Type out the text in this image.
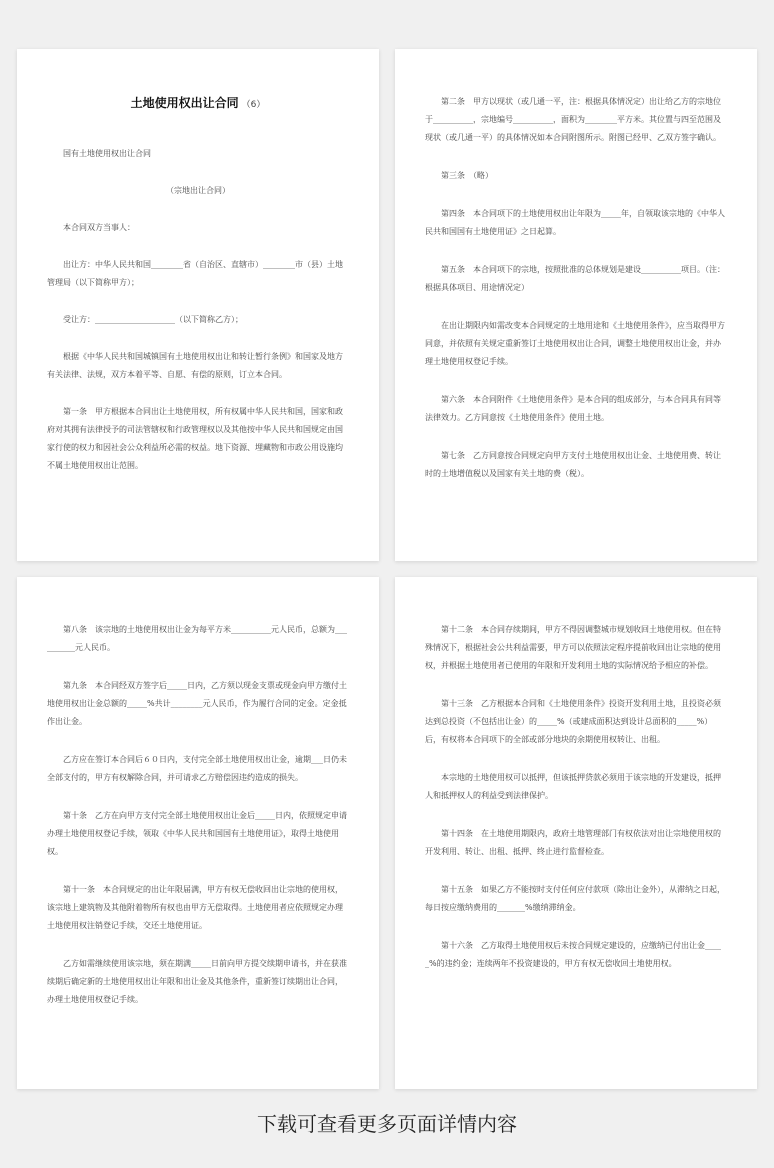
土地使用权出让合同 （6）

国有土地使用权出让合同

（宗地出让合同）

本合同双方当事人：

出让方：中华人民共和国________省（自治区、直辖市）________市（县）土地管理局（以下简称甲方）；

受让方：____________________（以下简称乙方）；

根据《中华人民共和国城镇国有土地使用权出让和转让暂行条例》和国家及地方有关法律、法规，双方本着平等、自愿、有偿的原则，订立本合同。

第一条　甲方根据本合同出让土地使用权，所有权属中华人民共和国，国家和政府对其拥有法律授予的司法管辖权和行政管理权以及其他按中华人民共和国规定由国家行使的权力和因社会公众利益所必需的权益。地下资源、埋藏物和市政公用设施均不属土地使用权出让范围。

第二条　甲方以现状（或几通一平，注：根据具体情况定）出让给乙方的宗地位于__________，宗地编号__________，面积为________平方米。其位置与四至范围及现状（或几通一平）的具体情况如本合同附图所示。附图已经甲、乙双方签字确认。

第三条　（略）

第四条　本合同项下的土地使用权出让年限为_____年，自领取该宗地的《中华人民共和国国有土地使用证》之日起算。

第五条　本合同项下的宗地，按照批准的总体规划是建设__________项目。（注：根据具体项目、用途情况定）

在出让期限内如需改变本合同规定的土地用途和《土地使用条件》，应当取得甲方同意，并依照有关规定重新签订土地使用权出让合同，调整土地使用权出让金，并办理土地使用权登记手续。

第六条　本合同附件《土地使用条件》是本合同的组成部分，与本合同具有同等法律效力。乙方同意按《土地使用条件》使用土地。

第七条　乙方同意按合同规定向甲方支付土地使用权出让金、土地使用费、转让时的土地增值税以及国家有关土地的费（税）。

第八条　该宗地的土地使用权出让金为每平方米__________元人民币，总额为__________元人民币。

第九条　本合同经双方签字后_____日内，乙方须以现金支票或现金向甲方缴付土地使用权出让金总额的_____%共计________元人民币，作为履行合同的定金。定金抵作出让金。

乙方应在签订本合同后６０日内，支付完全部土地使用权出让金，逾期___日仍未全部支付的，甲方有权解除合同，并可请求乙方赔偿因违约造成的损失。

第十条　乙方在向甲方支付完全部土地使用权出让金后_____日内，依照规定申请办理土地使用权登记手续，领取《中华人民共和国国有土地使用证》，取得土地使用权。

第十一条　本合同规定的出让年限届满，甲方有权无偿收回出让宗地的使用权，该宗地上建筑物及其他附着物所有权也由甲方无偿取得。土地使用者应依照规定办理土地使用权注销登记手续，交还土地使用证。

乙方如需继续使用该宗地，须在期满_____日前向甲方提交续期申请书，并在获准续期后确定新的土地使用权出让年限和出让金及其他条件，重新签订续期出让合同，办理土地使用权登记手续。

第十二条　本合同存续期间，甲方不得因调整城市规划收回土地使用权。但在特殊情况下，根据社会公共利益需要，甲方可以依照法定程序提前收回出让宗地的使用权，并根据土地使用者已使用的年限和开发利用土地的实际情况给予相应的补偿。

第十三条　乙方根据本合同和《土地使用条件》投资开发利用土地，且投资必须达到总投资（不包括出让金）的_____%（或建成面积达到设计总面积的_____%）后，有权将本合同项下的全部或部分地块的余期使用权转让、出租。

本宗地的土地使用权可以抵押，但该抵押贷款必须用于该宗地的开发建设，抵押人和抵押权人的利益受到法律保护。

第十四条　在土地使用期限内，政府土地管理部门有权依法对出让宗地使用权的开发利用、转让、出租、抵押、终止进行监督检查。

第十五条　如果乙方不能按时支付任何应付款项（除出让金外），从滞纳之日起，每日按应缴纳费用的_______%缴纳滞纳金。

第十六条　乙方取得土地使用权后未按合同规定建设的，应缴纳已付出让金_____%的违约金；连续两年不投资建设的，甲方有权无偿收回土地使用权。

下载可查看更多页面详情内容
